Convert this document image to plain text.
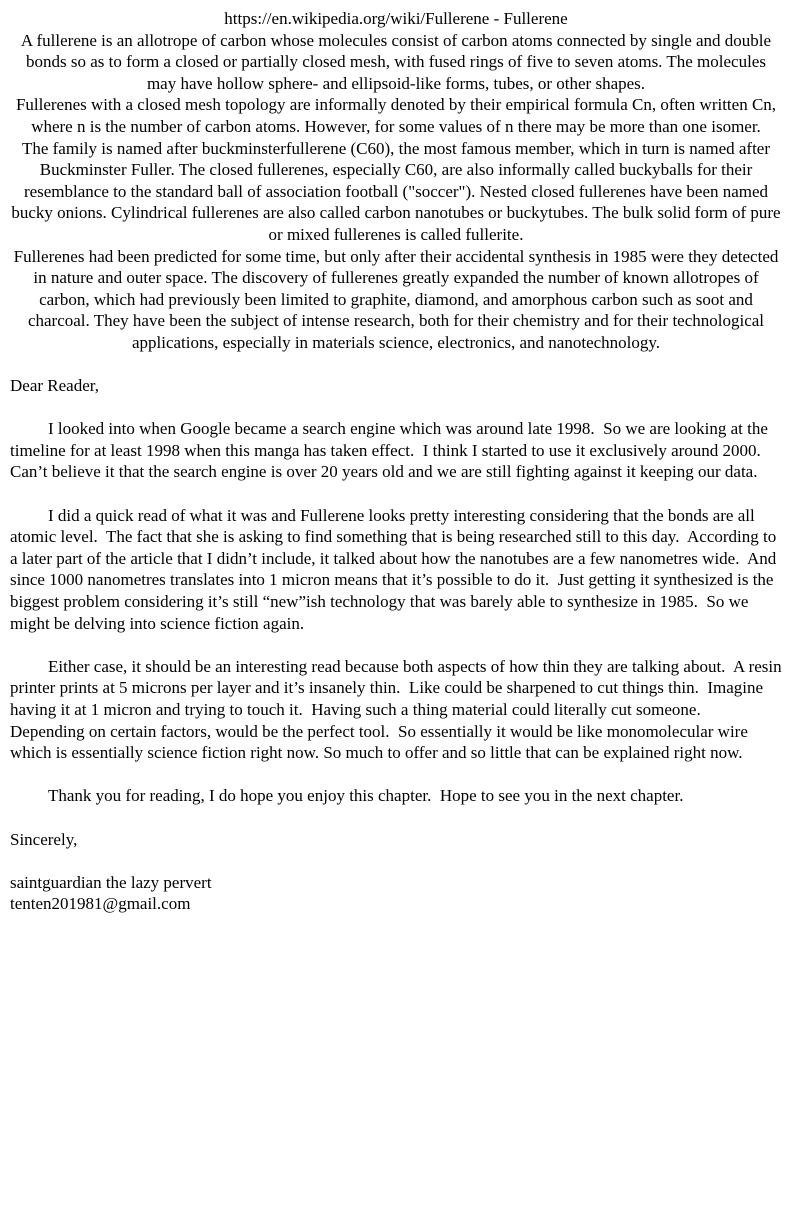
https://en.wikipedia.org/wiki/Fullerene - Fullerene

A fullerene is an allotrope of carbon whose molecules consist of carbon atoms connected by single and double bonds so as to form a closed or partially closed mesh, with fused rings of five to seven atoms. The molecules may have hollow sphere- and ellipsoid-like forms, tubes, or other shapes.

Fullerenes with a closed mesh topology are informally denoted by their empirical formula Cn, often written Cn, where n is the number of carbon atoms. However, for some values of n there may be more than one isomer.

The family is named after buckminsterfullerene (C60), the most famous member, which in turn is named after Buckminster Fuller. The closed fullerenes, especially C60, are also informally called buckyballs for their resemblance to the standard ball of association football ("soccer"). Nested closed fullerenes have been named bucky onions. Cylindrical fullerenes are also called carbon nanotubes or buckytubes. The bulk solid form of pure or mixed fullerenes is called fullerite.

Fullerenes had been predicted for some time, but only after their accidental synthesis in 1985 were they detected in nature and outer space. The discovery of fullerenes greatly expanded the number of known allotropes of carbon, which had previously been limited to graphite, diamond, and amorphous carbon such as soot and charcoal. They have been the subject of intense research, both for their chemistry and for their technological applications, especially in materials science, electronics, and nanotechnology.

Dear Reader,

I looked into when Google became a search engine which was around late 1998.  So we are looking at the timeline for at least 1998 when this manga has taken effect.  I think I started to use it exclusively around 2000.  Can’t believe it that the search engine is over 20 years old and we are still fighting against it keeping our data.

I did a quick read of what it was and Fullerene looks pretty interesting considering that the bonds are all atomic level.  The fact that she is asking to find something that is being researched still to this day.  According to a later part of the article that I didn’t include, it talked about how the nanotubes are a few nanometres wide.  And since 1000 nanometres translates into 1 micron means that it’s possible to do it.  Just getting it synthesized is the biggest problem considering it’s still “new”ish technology that was barely able to synthesize in 1985.  So we might be delving into science fiction again.

Either case, it should be an interesting read because both aspects of how thin they are talking about.  A resin printer prints at 5 microns per layer and it’s insanely thin.  Like could be sharpened to cut things thin.  Imagine having it at 1 micron and trying to touch it.  Having such a thing material could literally cut someone.  Depending on certain factors, would be the perfect tool.  So essentially it would be like monomolecular wire which is essentially science fiction right now. So much to offer and so little that can be explained right now.

Thank you for reading, I do hope you enjoy this chapter.  Hope to see you in the next chapter.

Sincerely,

saintguardian the lazy pervert

tenten201981@gmail.com
